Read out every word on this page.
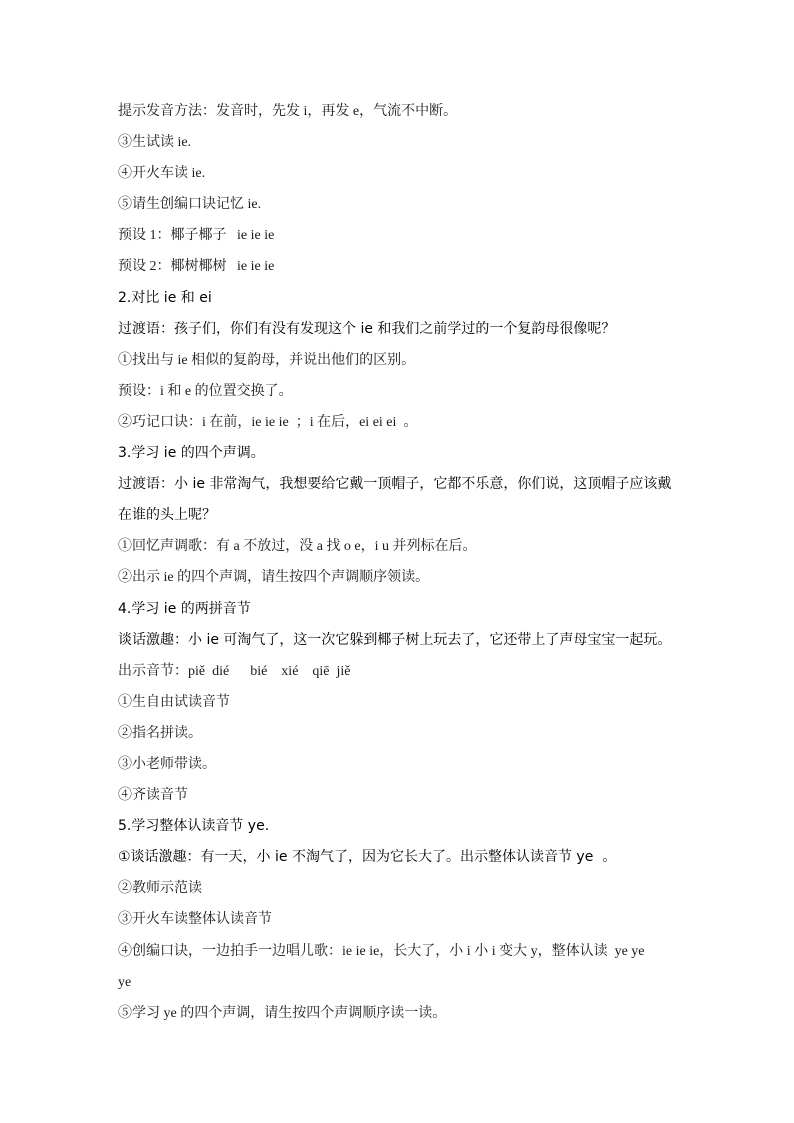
提示发音方法：发音时，先发 i，再发 e，气流不中断。
③生试读 ie.
④开火车读 ie.
⑤请生创编口诀记忆 ie.
预设 1：椰子椰子   ie ie ie
预设 2：椰树椰树   ie ie ie
2.对比 ie 和 ei
过渡语：孩子们，你们有没有发现这个 ie 和我们之前学过的一个复韵母很像呢？
①找出与 ie 相似的复韵母，并说出他们的区别。
预设：i 和 e 的位置交换了。
②巧记口诀：i 在前，ie ie ie  ；i 在后，ei ei ei  。
3.学习 ie 的四个声调。
过渡语：小 ie 非常淘气，我想要给它戴一顶帽子，它都不乐意，你们说，这顶帽子应该戴
在谁的头上呢？
①回忆声调歌：有 a 不放过，没 a 找 o e，i u 并列标在后。
②出示 ie 的四个声调，请生按四个声调顺序领读。
4.学习 ie 的两拼音节
谈话激趣：小 ie 可淘气了，这一次它躲到椰子树上玩去了，它还带上了声母宝宝一起玩。
出示音节：piě  dié      bié    xié    qiē  jiě
①生自由试读音节
②指名拼读。
③小老师带读。
④齐读音节
5.学习整体认读音节 ye.
①谈话激趣：有一天，小 ie 不淘气了，因为它长大了。出示整体认读音节 ye  。
②教师示范读
③开火车读整体认读音节
④创编口诀，一边拍手一边唱儿歌：ie ie ie，长大了，小 i 小 i 变大 y，整体认读  ye ye
ye
⑤学习 ye 的四个声调，请生按四个声调顺序读一读。
